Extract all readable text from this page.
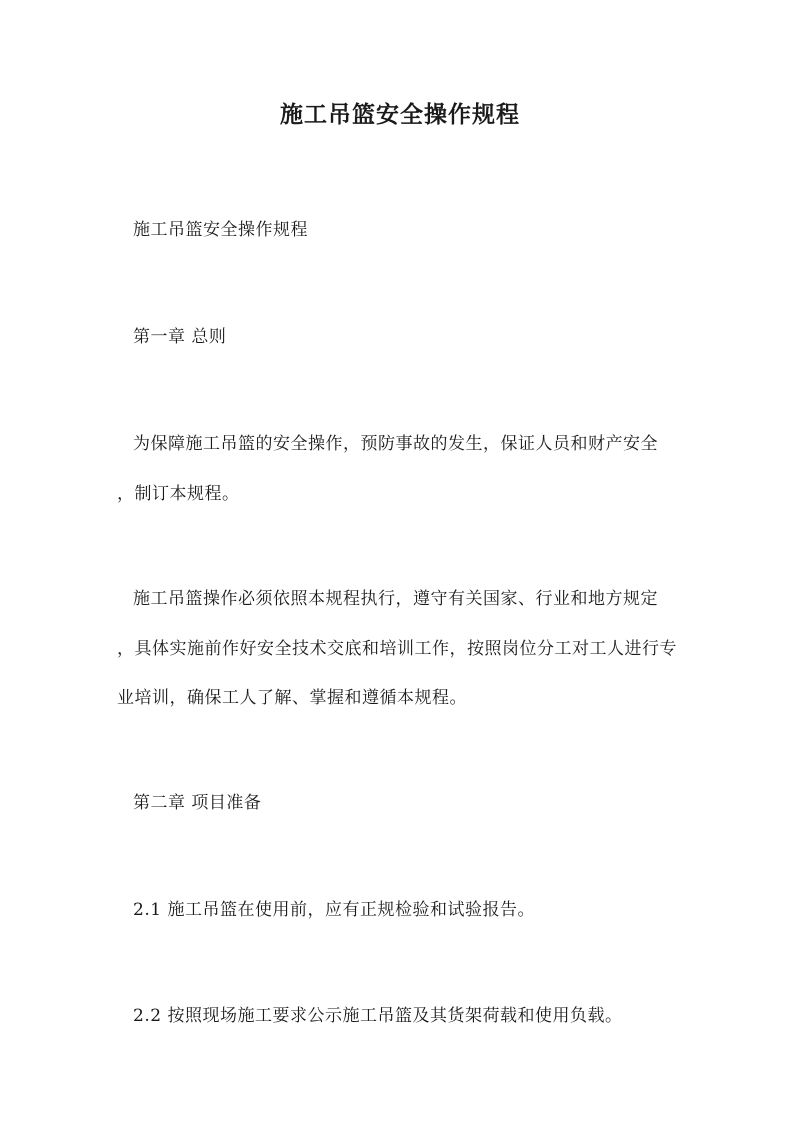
施工吊篮安全操作规程
施工吊篮安全操作规程
第一章 总则
为保障施工吊篮的安全操作，预防事故的发生，保证人员和财产安全
，制订本规程。
施工吊篮操作必须依照本规程执行，遵守有关国家、行业和地方规定
，具体实施前作好安全技术交底和培训工作，按照岗位分工对工人进行专
业培训，确保工人了解、掌握和遵循本规程。
第二章 项目准备
2.1 施工吊篮在使用前，应有正规检验和试验报告。
2.2 按照现场施工要求公示施工吊篮及其货架荷载和使用负载。
